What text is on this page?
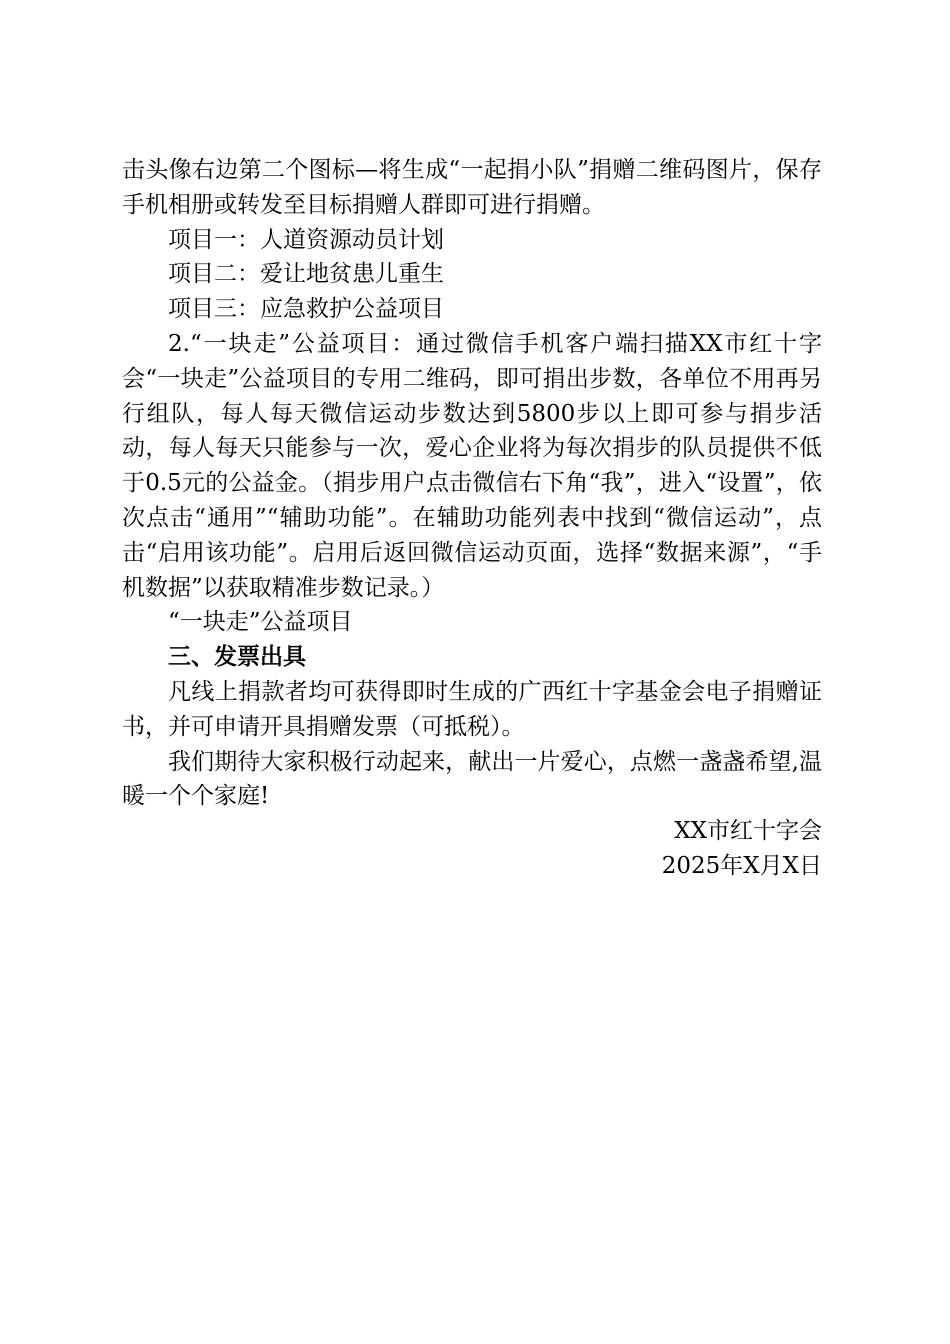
击头像右边第二个图标—将生成“一起捐小队”捐赠二维码图片，保存手机相册或转发至目标捐赠人群即可进行捐赠。

项目一：人道资源动员计划

项目二：爱让地贫患儿重生

项目三：应急救护公益项目

2.“一块走”公益项目：通过微信手机客户端扫描XX市红十字会“一块走”公益项目的专用二维码，即可捐出步数，各单位不用再另行组队，每人每天微信运动步数达到5800步以上即可参与捐步活动，每人每天只能参与一次，爱心企业将为每次捐步的队员提供不低于0.5元的公益金。（捐步用户点击微信右下角“我”，进入“设置”，依次点击“通用”“辅助功能”。在辅助功能列表中找到“微信运动”，点击“启用该功能”。启用后返回微信运动页面，选择“数据来源”，“手机数据”以获取精准步数记录。）

“一块走”公益项目

三、发票出具

凡线上捐款者均可获得即时生成的广西红十字基金会电子捐赠证书，并可申请开具捐赠发票（可抵税）。

我们期待大家积极行动起来，献出一片爱心，点燃一盏盏希望,温暖一个个家庭!

XX市红十字会

2025年X月X日
